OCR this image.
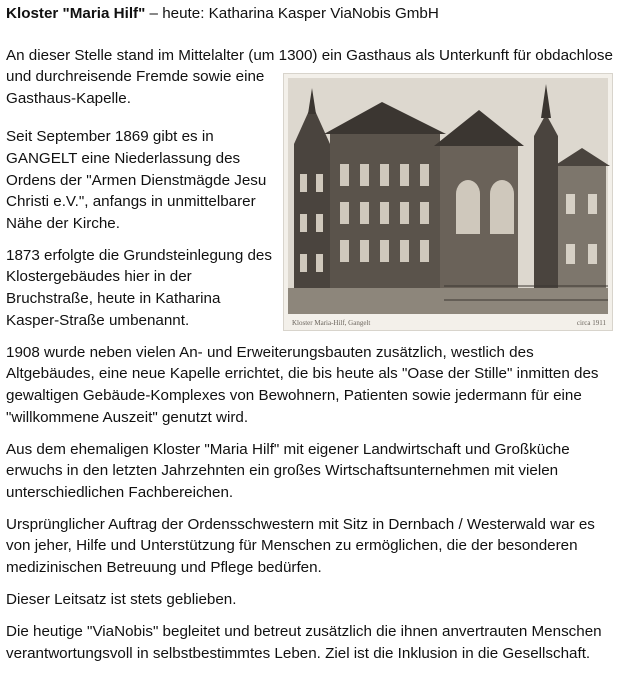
Kloster "Maria Hilf" – heute: Katharina Kasper ViaNobis GmbH

An dieser Stelle stand im Mittelalter (um 1300) ein Gasthaus als Unterkunft für obdachlose
und durchreisende Fremde sowie eine
Gasthaus-Kapelle.

Seit September 1869 gibt es in GANGELT eine Niederlassung des Ordens der "Armen Dienstmägde Jesu Christi e.V.", anfangs in unmittelbarer Nähe der Kirche.

1873 erfolgte die Grundsteinlegung des Klostergebäudes hier in der Bruchstraße, heute in Katharina Kasper-Straße umbenannt.

1908 wurde neben vielen An- und Erweiterungsbauten zusätzlich, westlich des Altgebäudes, eine neue Kapelle errichtet, die bis heute als "Oase der Stille" inmitten des gewaltigen Gebäude-Komplexes von Bewohnern, Patienten sowie jedermann für eine "willkommene Auszeit" genutzt wird.

Aus dem ehemaligen Kloster "Maria Hilf" mit eigener Landwirtschaft und Großküche erwuchs in den letzten Jahrzehnten ein großes Wirtschaftsunternehmen mit vielen unterschiedlichen Fachbereichen.

Ursprünglicher Auftrag der Ordensschwestern mit Sitz in Dernbach / Westerwald war es von jeher, Hilfe und Unterstützung für Menschen zu ermöglichen, die der besonderen medizinischen Betreuung und Pflege bedürfen.

Dieser Leitsatz ist stets geblieben.

Die heutige "ViaNobis" begleitet und betreut zusätzlich die ihnen anvertrauten Menschen verantwortungsvoll in selbstbestimmtes Leben. Ziel ist die Inklusion in die Gesellschaft.

Kloster Maria-Hilf, Gangelt	circa 1911
